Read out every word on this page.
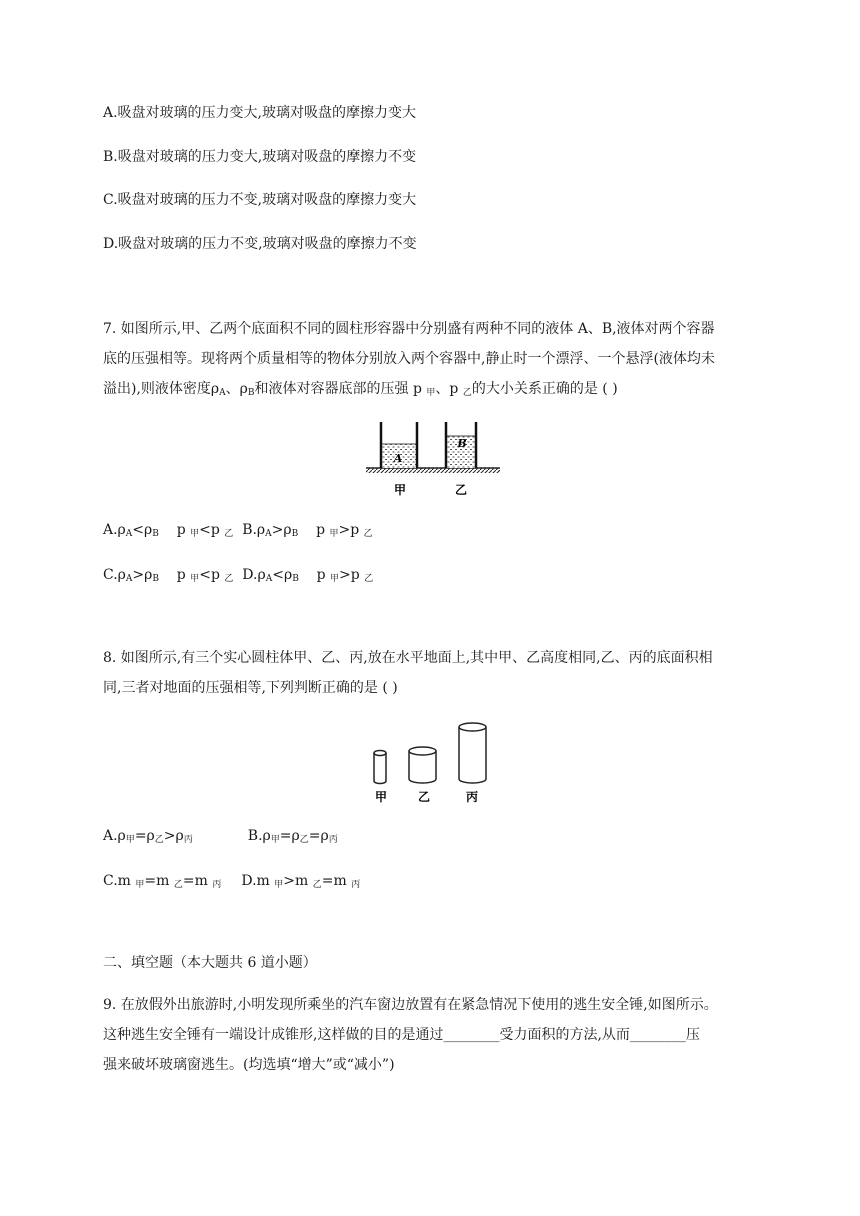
A.吸盘对玻璃的压力变大,玻璃对吸盘的摩擦力变大
B.吸盘对玻璃的压力变大,玻璃对吸盘的摩擦力不变
C.吸盘对玻璃的压力不变,玻璃对吸盘的摩擦力变大
D.吸盘对玻璃的压力不变,玻璃对吸盘的摩擦力不变
7. 如图所示,甲、乙两个底面积不同的圆柱形容器中分别盛有两种不同的液体 A、B,液体对两个容器
底的压强相等。现将两个质量相等的物体分别放入两个容器中,静止时一个漂浮、一个悬浮(液体均未
溢出),则液体密度$\rho_A$、$\rho_B$和液体对容器底部的压强 p $_甲$、p $_乙$的大小关系正确的是 ( )
A
B
甲	乙
$A.\rho_A<\rho_B$    p $_甲$<p $_乙$  $B.\rho_A>\rho_B$    p $_甲$>p $_乙$
$C.\rho_A>\rho_B$    p $_甲$<p $_乙$  $D.\rho_A<\rho_B$    p $_甲$>p $_乙$
8. 如图所示,有三个实心圆柱体甲、乙、丙,放在水平地面上,其中甲、乙高度相同,乙、丙的底面积相
同,三者对地面的压强相等,下列判断正确的是 ( )
甲	乙	丙
$A.\rho_甲=\rho_乙>\rho_丙$	$B.\rho_甲=\rho_乙=\rho_丙$
C.m $_甲$=m $_乙$=m $_丙$ D.m $_甲$>m $_乙$=m $_丙$
二、填空题（本大题共 6 道小题）
9. 在放假外出旅游时,小明发现所乘坐的汽车窗边放置有在紧急情况下使用的逃生安全锤,如图所示。
这种逃生安全锤有一端设计成锥形,这样做的目的是通过________受力面积的方法,从而________压
强来破坏玻璃窗逃生。(均选填“增大”或“减小”)
